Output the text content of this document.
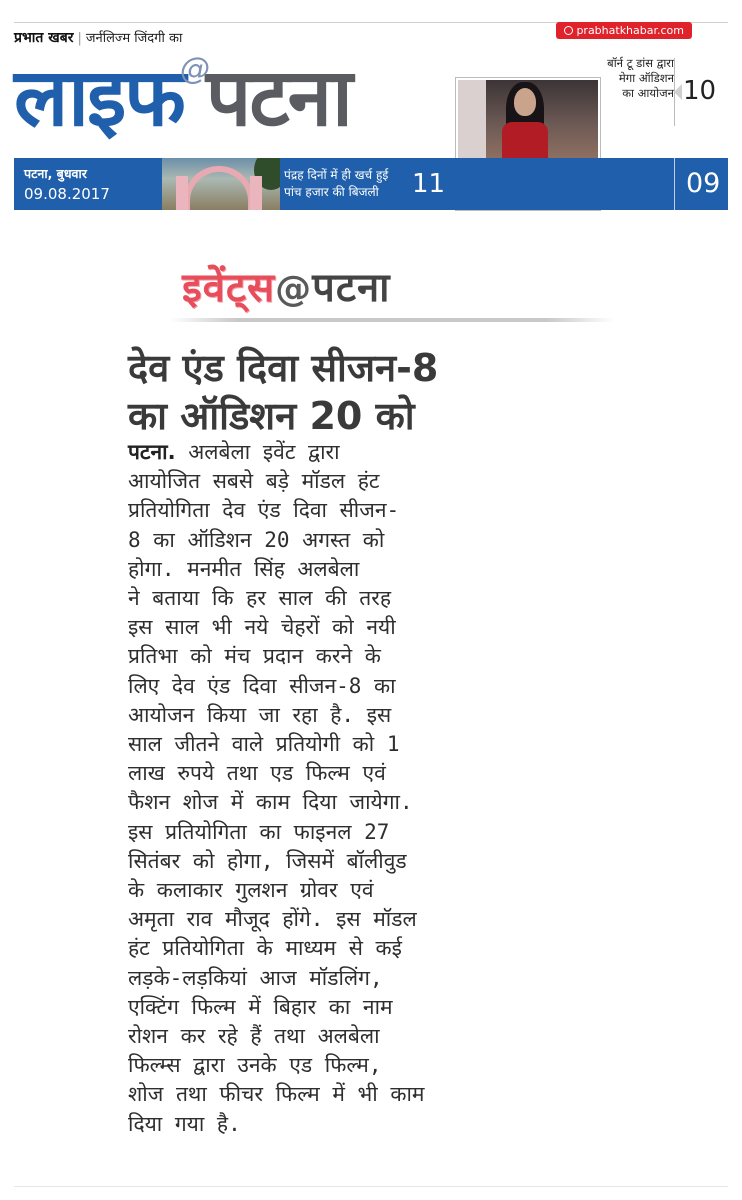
प्रभात खबर | जर्नलिज्म जिंदगी का
prabhatkhabar.com
लाइफ@पटना	बॉर्न टू डांस द्वारा मेगा ऑडिशन का आयोजन 10
पटना, बुधवार
09.08.2017
पंद्रह दिनों में ही खर्च हुई
पांच हजार की बिजली	11	09
इवेंट्स@पटना
देव एंड दिवा सीजन-8
का ऑडिशन 20 को
पटना. अलबेला इवेंट द्वारा
आयोजित सबसे बड़े मॉडल हंट
प्रतियोगिता देव एंड दिवा सीजन-
8 का ऑडिशन 20 अगस्त को
होगा. मनमीत सिंह अलबेला
ने बताया कि हर साल की तरह
इस साल भी नये चेहरों को नयी
प्रतिभा को मंच प्रदान करने के
लिए देव एंड दिवा सीजन-8 का
आयोजन किया जा रहा है. इस
साल जीतने वाले प्रतियोगी को 1
लाख रुपये तथा एड फिल्म एवं
फैशन शोज में काम दिया जायेगा.
इस प्रतियोगिता का फाइनल 27
सितंबर को होगा, जिसमें बॉलीवुड
के कलाकार गुलशन ग्रोवर एवं
अमृता राव मौजूद होंगे. इस मॉडल
हंट प्रतियोगिता के माध्यम से कई
लड़के-लड़कियां आज मॉडलिंग,
एक्टिंग फिल्म में बिहार का नाम
रोशन कर रहे हैं तथा अलबेला
फिल्म्स द्वारा उनके एड फिल्म,
शोज तथा फीचर फिल्म में भी काम
दिया गया है.
